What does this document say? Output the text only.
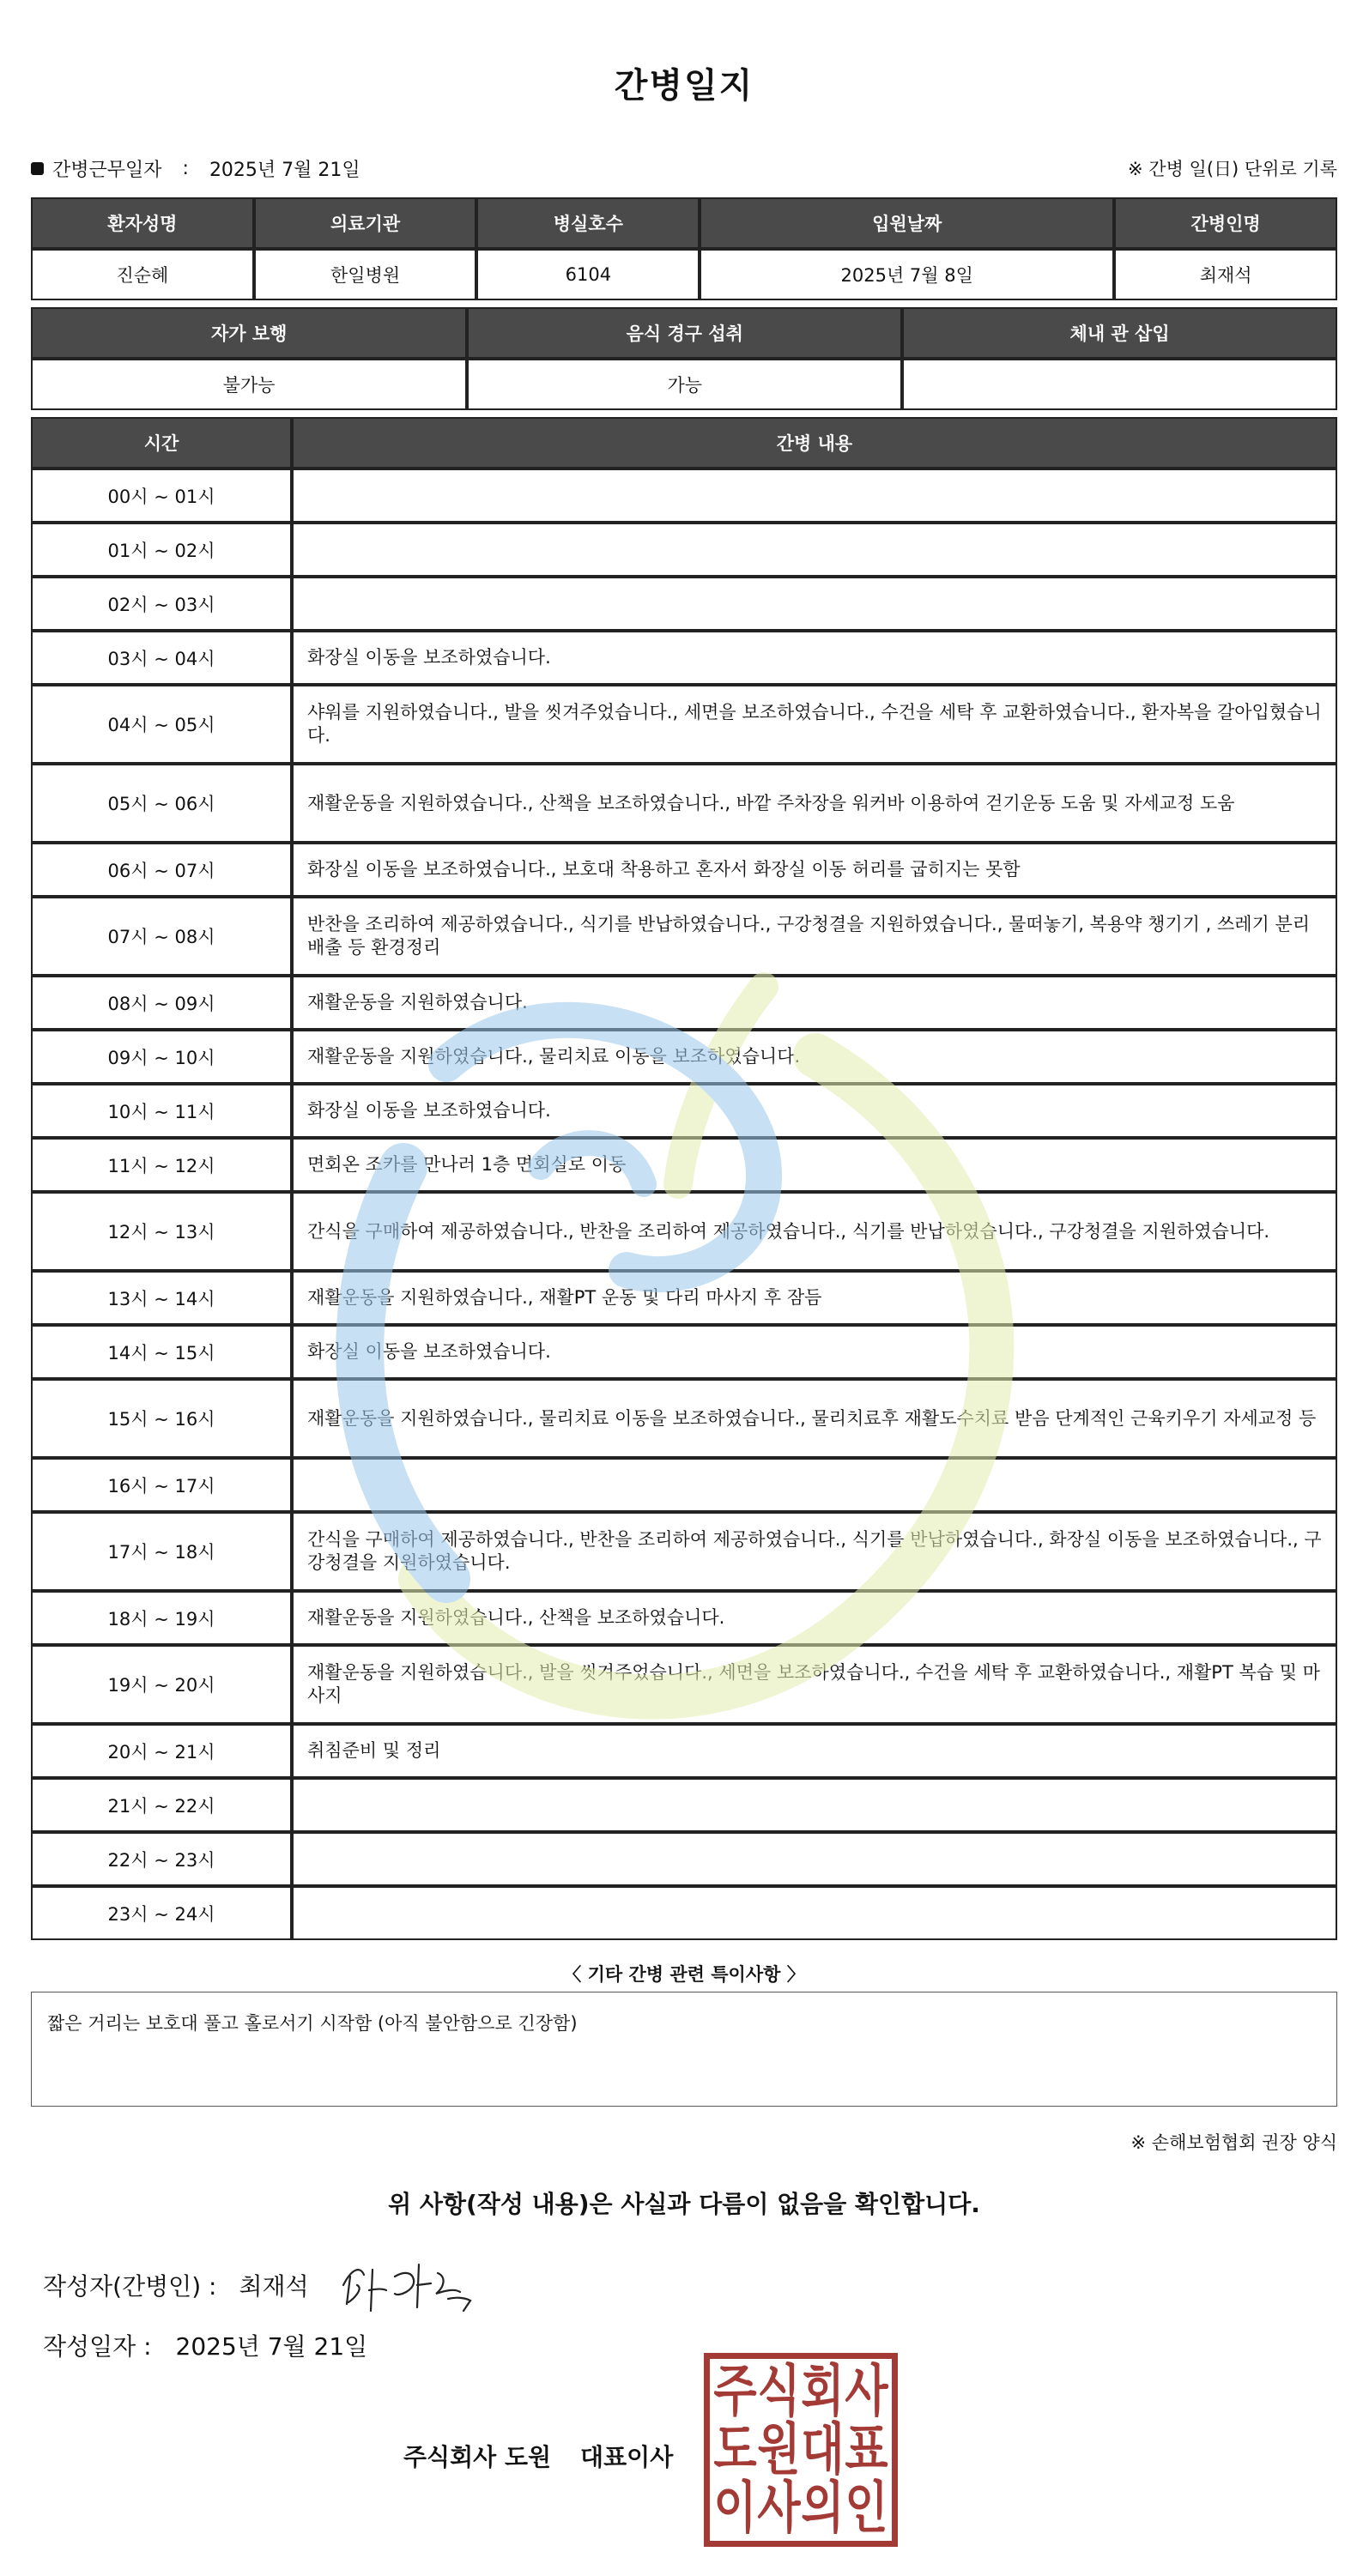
간병일지
간병근무일자 : 2025년 7월 21일	※ 간병 일(日) 단위로 기록
환자성명	의료기관	병실호수	입원날짜	간병인명
진순혜	한일병원	6104	2025년 7월 8일	최재석
자가 보행	음식 경구 섭취	체내 관 삽입
불가능	가능	
시간	간병 내용
00시 ~ 01시	
01시 ~ 02시	
02시 ~ 03시	
03시 ~ 04시	화장실 이동을 보조하였습니다.
04시 ~ 05시	샤워를 지원하였습니다., 발을 씻겨주었습니다., 세면을 보조하였습니다., 수건을 세탁 후 교환하였습니다., 환자복을 갈아입혔습니다.
05시 ~ 06시	재활운동을 지원하였습니다., 산책을 보조하였습니다., 바깥 주차장을 워커바 이용하여 걷기운동 도움 및 자세교정 도움
06시 ~ 07시	화장실 이동을 보조하였습니다., 보호대 착용하고 혼자서 화장실 이동 허리를 굽히지는 못함
07시 ~ 08시	반찬을 조리하여 제공하였습니다., 식기를 반납하였습니다., 구강청결을 지원하였습니다., 물떠놓기, 복용약 챙기기 , 쓰레기 분리배출 등 환경정리
08시 ~ 09시	재활운동을 지원하였습니다.
09시 ~ 10시	재활운동을 지원하였습니다., 물리치료 이동을 보조하였습니다.
10시 ~ 11시	화장실 이동을 보조하였습니다.
11시 ~ 12시	면회온 조카를 만나러 1층 면회실로 이동
12시 ~ 13시	간식을 구매하여 제공하였습니다., 반찬을 조리하여 제공하였습니다., 식기를 반납하였습니다., 구강청결을 지원하였습니다.
13시 ~ 14시	재활운동을 지원하였습니다., 재활PT 운동 및 다리 마사지 후 잠듬
14시 ~ 15시	화장실 이동을 보조하였습니다.
15시 ~ 16시	재활운동을 지원하였습니다., 물리치료 이동을 보조하였습니다., 물리치료후 재활도수치료 받음 단계적인 근육키우기 자세교정 등
16시 ~ 17시	
17시 ~ 18시	간식을 구매하여 제공하였습니다., 반찬을 조리하여 제공하였습니다., 식기를 반납하였습니다., 화장실 이동을 보조하였습니다., 구강청결을 지원하였습니다.
18시 ~ 19시	재활운동을 지원하였습니다., 산책을 보조하였습니다.
19시 ~ 20시	재활운동을 지원하였습니다., 발을 씻겨주었습니다., 세면을 보조하였습니다., 수건을 세탁 후 교환하였습니다., 재활PT 복습 및 마사지
20시 ~ 21시	취침준비 및 정리
21시 ~ 22시	
22시 ~ 23시	
23시 ~ 24시	
〈 기타 간병 관련 특이사항 〉
짧은 거리는 보호대 풀고 홀로서기 시작함 (아직 불안함으로 긴장함)
※ 손해보험협회 권장 양식
위 사항(작성 내용)은 사실과 다름이 없음을 확인합니다.
작성자(간병인) : 최재석
작성일자 : 2025년 7월 21일
주식회사 도원 대표이사
주 식 회 사
도 원 대 표
이 사 의 인
